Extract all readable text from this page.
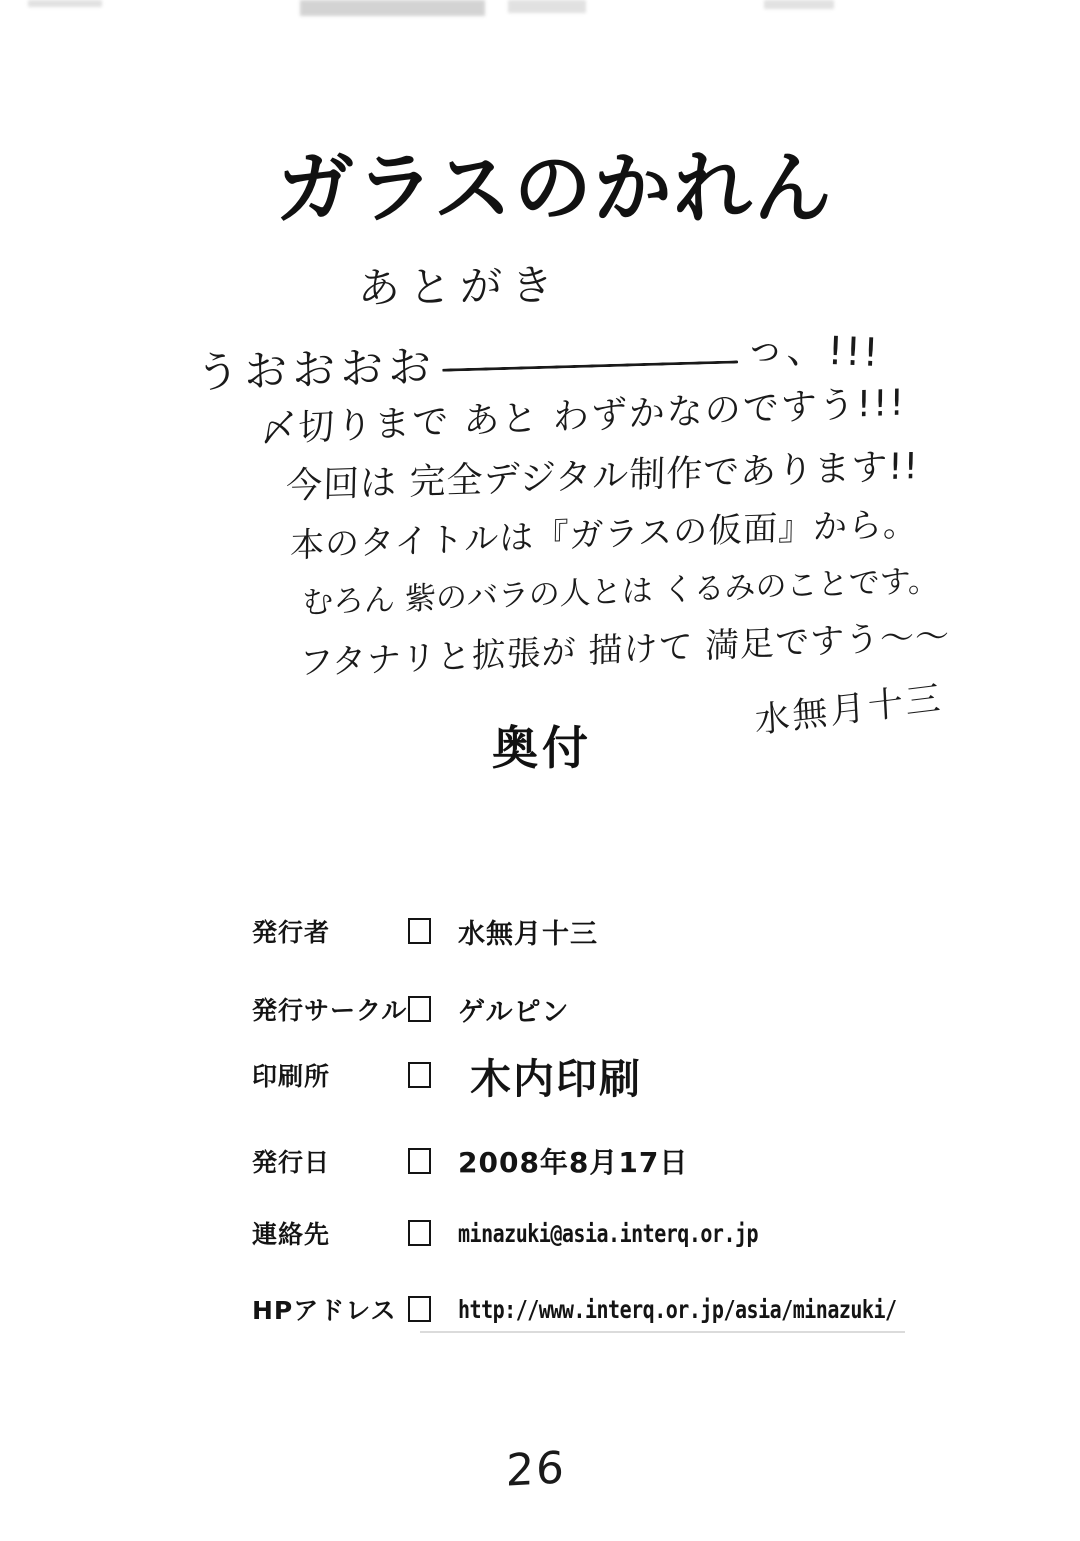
ガラスのかれん
あとがき
うおおおお	っ、!!!
〆切りまで あと わずかなのですう!!!
今回は 完全デジタル制作であります!!
本のタイトルは『ガラスの仮面』から。
むろん 紫のバラの人とは くるみのことです。
フタナリと拡張が 描けて 満足ですう〜〜
水無月十三
奥付
発行者	水無月十三
発行サークル ゲルピン
印刷所	木内印刷
発行日	2008年8月17日
連絡先	minazuki@asia.interq.or.jp
HPアドレス	http://www.interq.or.jp/asia/minazuki/
26
